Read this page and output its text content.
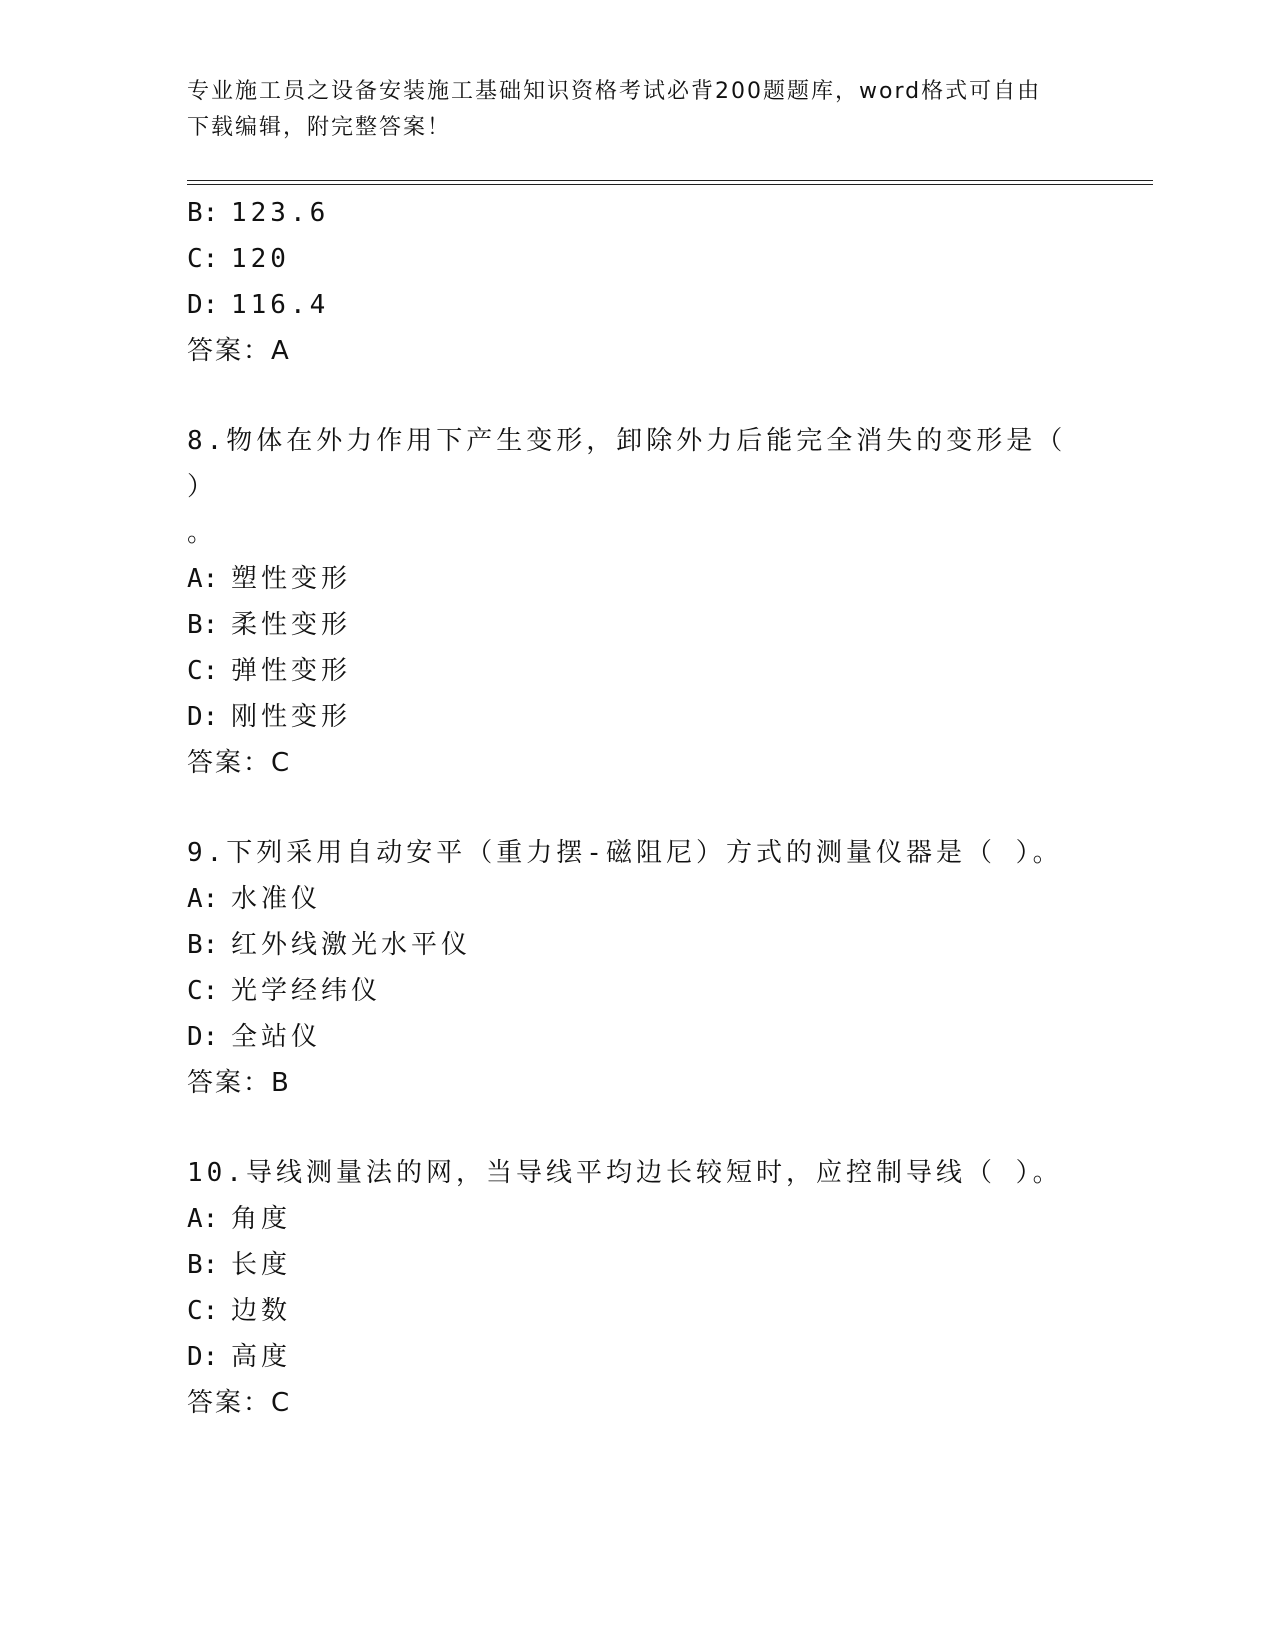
专业施工员之设备安装施工基础知识资格考试必背200题题库，word格式可自由
下载编辑，附完整答案！
B: 123.6
C: 120
D: 116.4
答案：A
8.物体在外力作用下产生变形，卸除外力后能完全消失的变形是（ ）
。
A: 塑性变形
B: 柔性变形
C: 弹性变形
D: 刚性变形
答案：C
9.下列采用自动安平（重力摆-磁阻尼）方式的测量仪器是（ ）。
A: 水准仪
B: 红外线激光水平仪
C: 光学经纬仪
D: 全站仪
答案：B
10.导线测量法的网，当导线平均边长较短时，应控制导线（ ）。
A: 角度
B: 长度
C: 边数
D: 高度
答案：C
